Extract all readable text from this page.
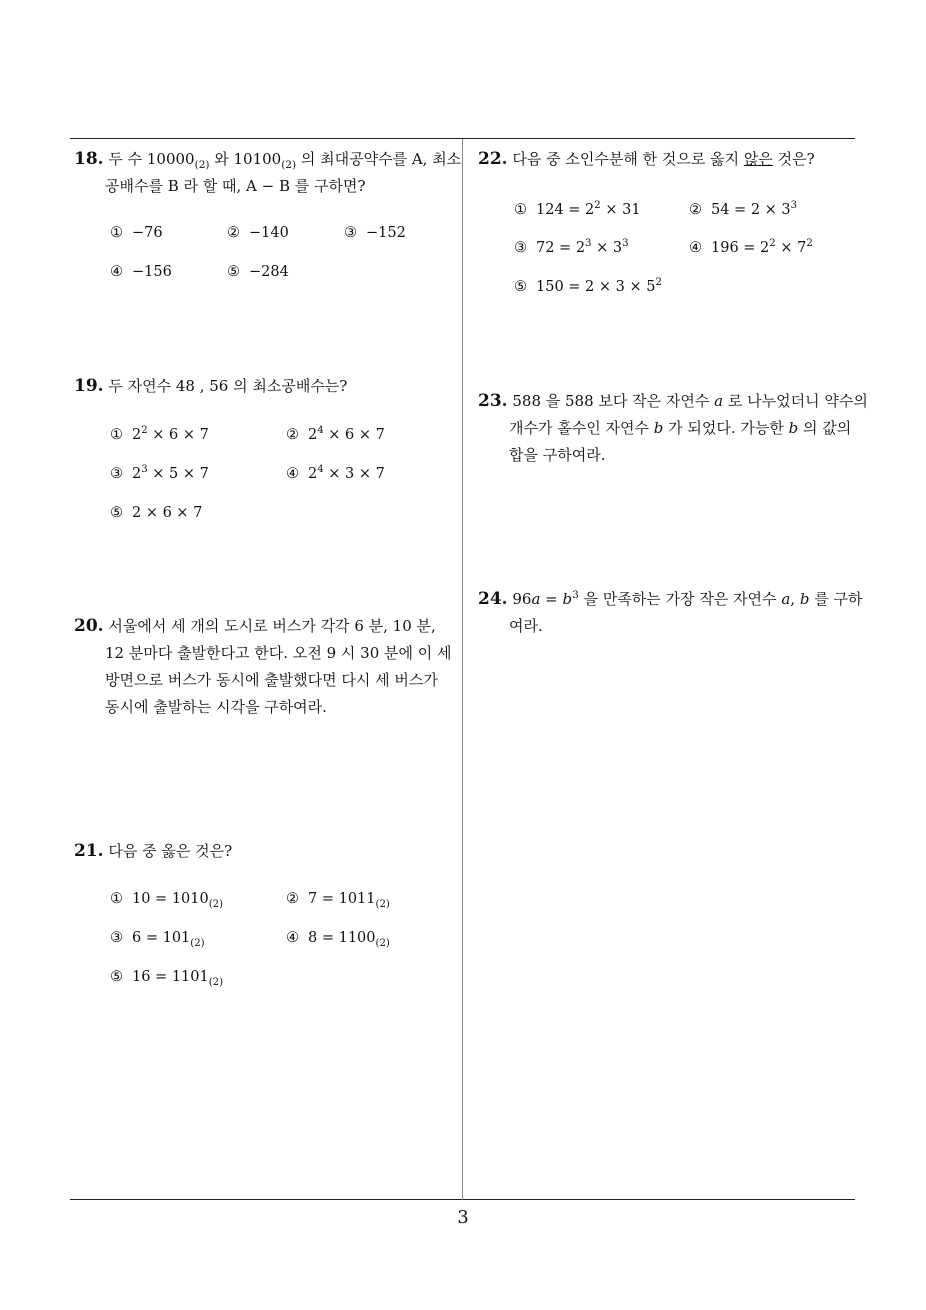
18. 두 수 $10000_{(2)}$ 와 $10100_{(2)}$ 의 최대공약수를 A, 최소
공배수를 B 라 할 때, A − B 를 구하면?
① −76	② −140	③ −152
④ −156	⑤ −284
19. 두 자연수 48 , 56 의 최소공배수는?
① $2^2 \times 6 \times 7$	② $2^4 \times 6 \times 7$
③ $2^3 \times 5 \times 7$	④ $2^4 \times 3 \times 7$
⑤ 2 × 6 × 7
20. 서울에서 세 개의 도시로 버스가 각각 6 분, 10 분,
12 분마다 출발한다고 한다. 오전 9 시 30 분에 이 세
방면으로 버스가 동시에 출발했다면 다시 세 버스가
동시에 출발하는 시각을 구하여라.
21. 다음 중 옳은 것은?
① $10 = 1010_{(2)}$	② $7 = 1011_{(2)}$
③ $6 = 101_{(2)}$	④ $8 = 1100_{(2)}$
⑤ $16 = 1101_{(2)}$
22. 다음 중 소인수분해 한 것으로 옳지 않은 것은?
① $124 = 2^2 \times 31$	② $54 = 2 \times 3^3$
③ $72 = 2^3 \times 3^3$	④ $196 = 2^2 \times 7^2$
⑤ $150 = 2 \times 3 \times 5^2$
23. 588 을 588 보다 작은 자연수 a 로 나누었더니 약수의
개수가 홀수인 자연수 b 가 되었다. 가능한 b 의 값의
합을 구하여라.
24. $96a = b^3$ 을 만족하는 가장 작은 자연수 a, b 를 구하
여라.
3
